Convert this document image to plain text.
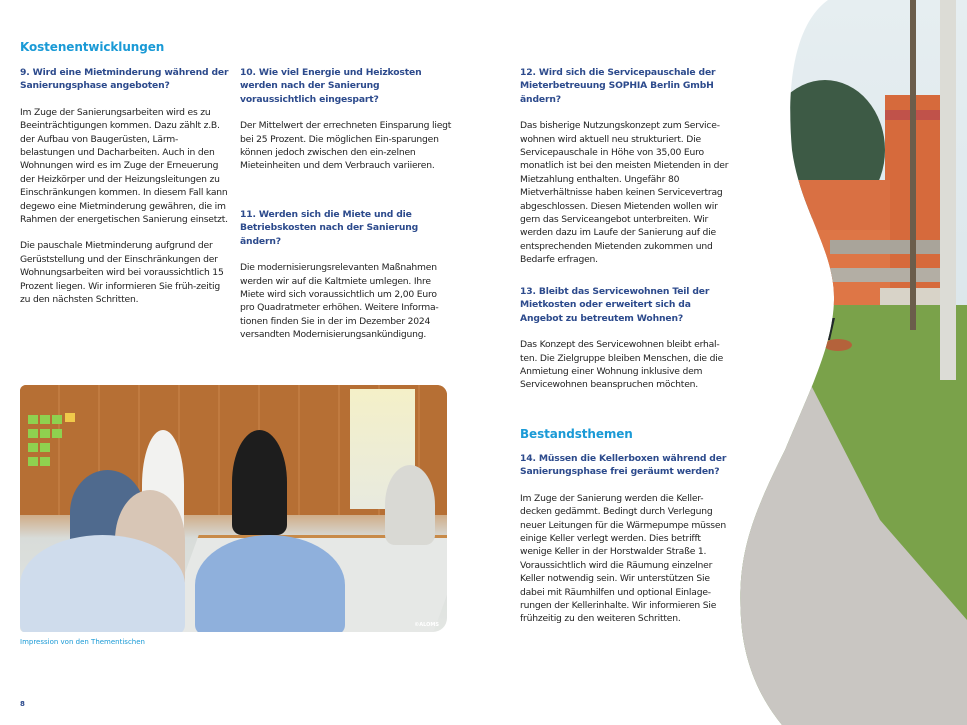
Kostenentwicklungen

9. Wird eine Mietminderung während der Sanierungsphase angeboten?

Im Zuge der Sanierungsarbeiten wird es zu Beeinträchtigungen kommen. Dazu zählt z.B. der Aufbau von Baugerüsten, Lärm-belastungen und Dacharbeiten. Auch in den Wohnungen wird es im Zuge der Erneuerung der Heizkörper und der Heizungsleitungen zu Einschränkungen kommen. In diesem Fall kann degewo eine Mietminderung gewähren, die im Rahmen der energetischen Sanierung einsetzt.

Die pauschale Mietminderung aufgrund der Gerüststellung und der Einschränkungen der Wohnungsarbeiten wird bei voraussichtlich 15 Prozent liegen. Wir informieren Sie früh-zeitig zu den nächsten Schritten.

10. Wie viel Energie und Heizkosten werden nach der Sanierung voraussichtlich eingespart?

Der Mittelwert der errechneten Einsparung liegt bei 25 Prozent. Die möglichen Ein-sparungen können jedoch zwischen den ein-zelnen Mieteinheiten und dem Verbrauch variieren.

11. Werden sich die Miete und die Betriebskosten nach der Sanierung ändern?

Die modernisierungsrelevanten Maßnahmen werden wir auf die Kaltmiete umlegen. Ihre Miete wird sich voraussichtlich um 2,00 Euro pro Quadratmeter erhöhen. Weitere Informa-tionen finden Sie in der im Dezember 2024 versandten Modernisierungsankündigung.

12. Wird sich die Servicepauschale der Mieterbetreuung SOPHIA Berlin GmbH ändern?

Das bisherige Nutzungskonzept zum Service-wohnen wird aktuell neu strukturiert. Die Servicepauschale in Höhe von 35,00 Euro monatlich ist bei den meisten Mietenden in der Mietzahlung enthalten. Ungefähr 80 Mietverhältnisse haben keinen Servicevertrag abgeschlossen. Diesen Mietenden wollen wir gern das Serviceangebot unterbreiten. Wir werden dazu im Laufe der Sanierung auf die entsprechenden Mietenden zukommen und Bedarfe erfragen.

13. Bleibt das Servicewohnen Teil der Mietkosten oder erweitert sich da Angebot zu betreutem Wohnen?

Das Konzept des Servicewohnen bleibt erhal-ten. Die Zielgruppe bleiben Menschen, die die Anmietung einer Wohnung inklusive dem Servicewohnen beanspruchen möchten.

Bestandsthemen

14. Müssen die Kellerboxen während der Sanierungsphase frei geräumt werden?

Im Zuge der Sanierung werden die Keller-decken gedämmt. Bedingt durch Verlegung neuer Leitungen für die Wärmepumpe müssen einige Keller verlegt werden. Dies betrifft wenige Keller in der Horstwalder Straße 1. Voraussichtlich wird die Räumung einzelner Keller notwendig sein. Wir unterstützen Sie dabei mit Räumhilfen und optional Einlage-rungen der Kellerinhalte. Wir informieren Sie frühzeitig zu den weiteren Schritten.

©ALOMS
Impression von den Thementischen
8
